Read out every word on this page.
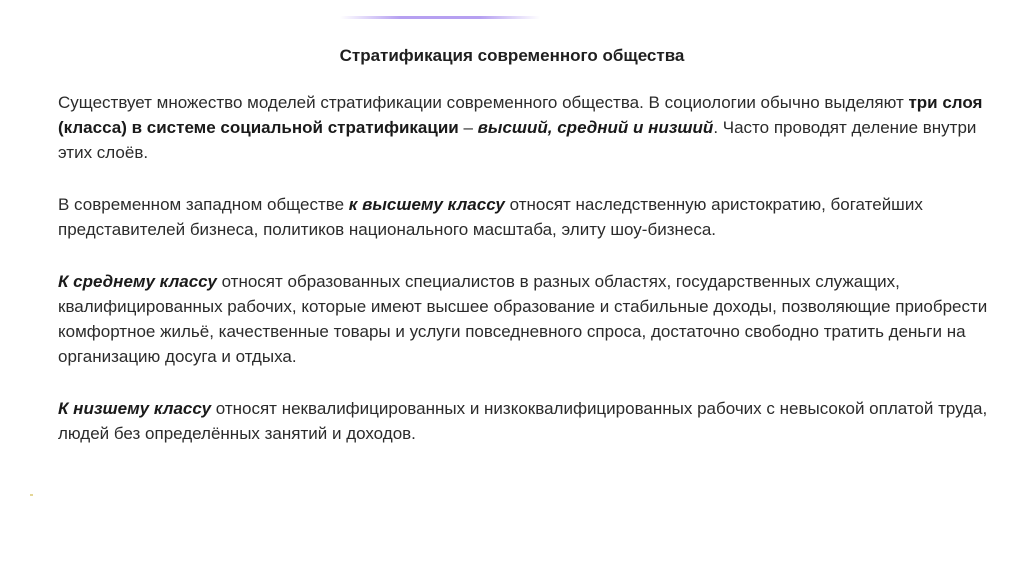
Стратификация современного общества

Существует множество моделей стратификации современного общества. В социологии обычно выделяют три слоя (класса) в системе социальной стратификации – высший, средний и низший. Часто проводят деление внутри этих слоёв.

В современном западном обществе к высшему классу относят наследственную аристократию, богатейших представителей бизнеса, политиков национального масштаба, элиту шоу-бизнеса.

К среднему классу относят образованных специалистов в разных областях, государственных служащих, квалифицированных рабочих, которые имеют высшее образование и стабильные доходы, позволяющие приобрести комфортное жильё, качественные товары и услуги повседневного спроса, достаточно свободно тратить деньги на организацию досуга и отдыха.

К низшему классу относят неквалифицированных и низкоквалифицированных рабочих с невысокой оплатой труда, людей без определённых занятий и доходов.
